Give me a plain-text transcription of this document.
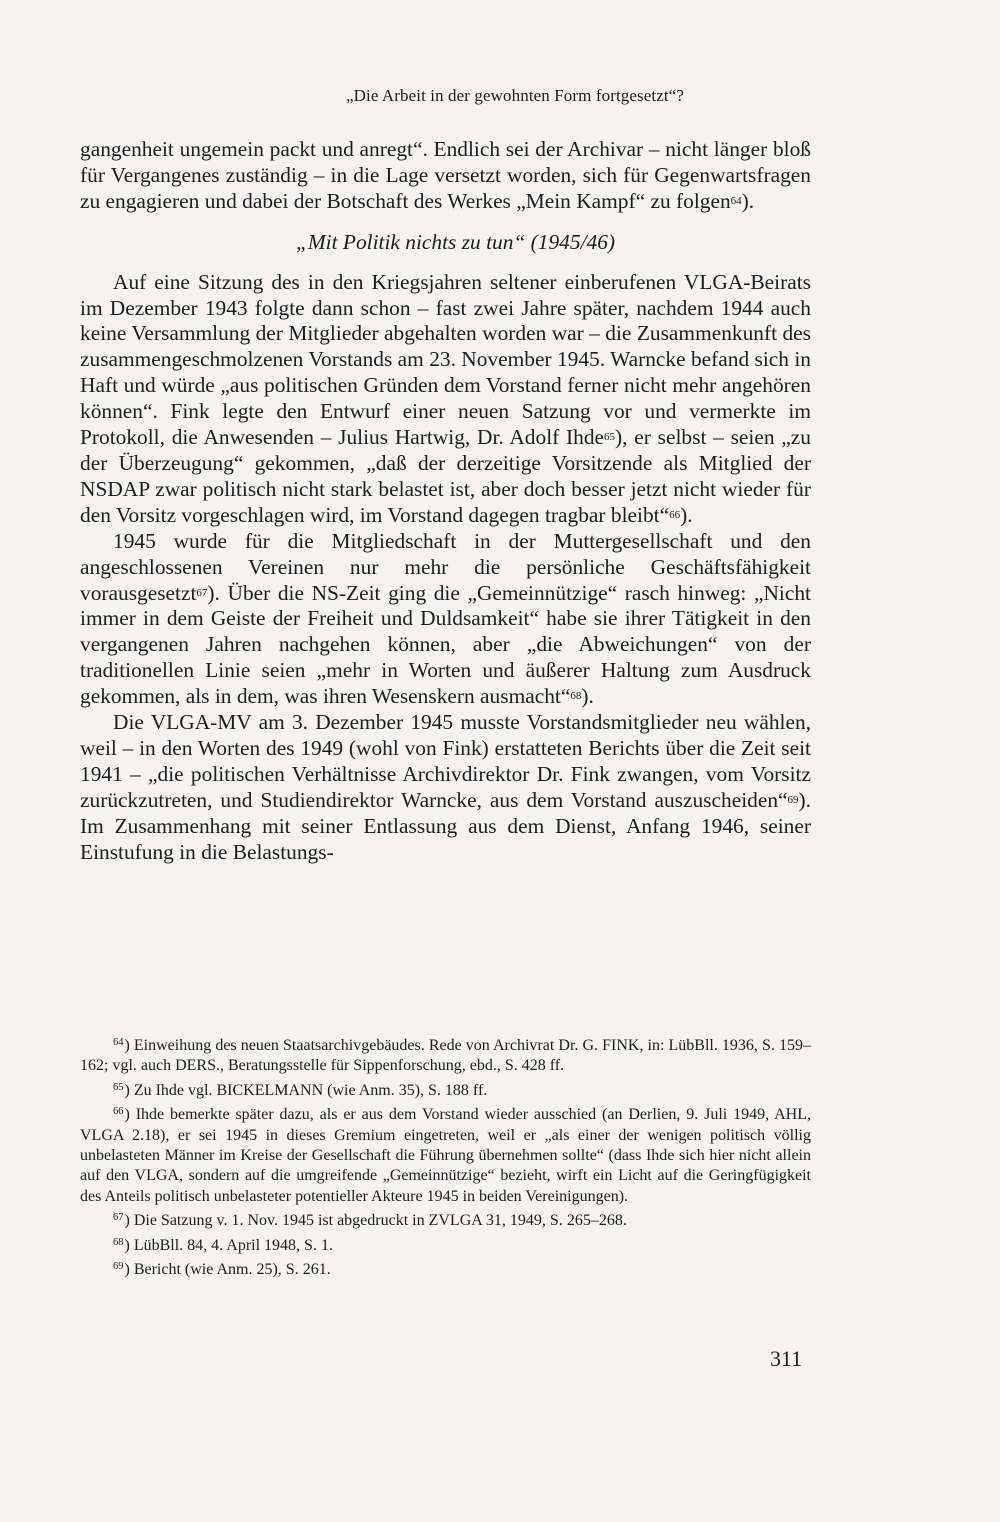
„Die Arbeit in der gewohnten Form fortgesetzt“?

gangenheit ungemein packt und anregt“. Endlich sei der Archivar – nicht länger bloß für Vergangenes zuständig – in die Lage versetzt worden, sich für Gegenwartsfragen zu engagieren und dabei der Botschaft des Werkes „Mein Kampf“ zu folgen64).

„Mit Politik nichts zu tun“ (1945/46)

Auf eine Sitzung des in den Kriegsjahren seltener einberufenen VLGA-Beirats im Dezember 1943 folgte dann schon – fast zwei Jahre später, nachdem 1944 auch keine Versammlung der Mitglieder abgehalten worden war – die Zusammenkunft des zusammengeschmolzenen Vorstands am 23. November 1945. Warncke befand sich in Haft und würde „aus politischen Gründen dem Vorstand ferner nicht mehr angehören können“. Fink legte den Entwurf einer neuen Satzung vor und vermerkte im Protokoll, die Anwesenden – Julius Hartwig, Dr. Adolf Ihde65), er selbst – seien „zu der Überzeugung“ gekommen, „daß der derzeitige Vorsitzende als Mitglied der NSDAP zwar politisch nicht stark belastet ist, aber doch besser jetzt nicht wieder für den Vorsitz vorgeschlagen wird, im Vorstand dagegen tragbar bleibt“66).

1945 wurde für die Mitgliedschaft in der Muttergesellschaft und den angeschlossenen Vereinen nur mehr die persönliche Geschäftsfähigkeit vorausgesetzt67). Über die NS-Zeit ging die „Gemeinnützige“ rasch hinweg: „Nicht immer in dem Geiste der Freiheit und Duldsamkeit“ habe sie ihrer Tätigkeit in den vergangenen Jahren nachgehen können, aber „die Abweichungen“ von der traditionellen Linie seien „mehr in Worten und äußerer Haltung zum Ausdruck gekommen, als in dem, was ihren Wesenskern ausmacht“68).

Die VLGA-MV am 3. Dezember 1945 musste Vorstandsmitglieder neu wählen, weil – in den Worten des 1949 (wohl von Fink) erstatteten Berichts über die Zeit seit 1941 – „die politischen Verhältnisse Archivdirektor Dr. Fink zwangen, vom Vorsitz zurückzutreten, und Studiendirektor Warncke, aus dem Vorstand auszuscheiden“69). Im Zusammenhang mit seiner Entlassung aus dem Dienst, Anfang 1946, seiner Einstufung in die Belastungs-

$^{64}$) Einweihung des neuen Staatsarchivgebäudes. Rede von Archivrat Dr. G. FINK, in: LübBll. 1936, S. 159–162; vgl. auch DERS., Beratungsstelle für Sippenforschung, ebd., S. 428 ff.

$^{65}$) Zu Ihde vgl. BICKELMANN (wie Anm. 35), S. 188 ff.

$^{66}$) Ihde bemerkte später dazu, als er aus dem Vorstand wieder ausschied (an Derlien, 9. Juli 1949, AHL, VLGA 2.18), er sei 1945 in dieses Gremium eingetreten, weil er „als einer der wenigen politisch völlig unbelasteten Männer im Kreise der Gesellschaft die Führung übernehmen sollte“ (dass Ihde sich hier nicht allein auf den VLGA, sondern auf die umgreifende „Gemeinnützige“ bezieht, wirft ein Licht auf die Geringfügigkeit des Anteils politisch unbelasteter potentieller Akteure 1945 in beiden Vereinigungen).

$^{67}$) Die Satzung v. 1. Nov. 1945 ist abgedruckt in ZVLGA 31, 1949, S. 265–268.

$^{68}$) LübBll. 84, 4. April 1948, S. 1.

$^{69}$) Bericht (wie Anm. 25), S. 261.

311
